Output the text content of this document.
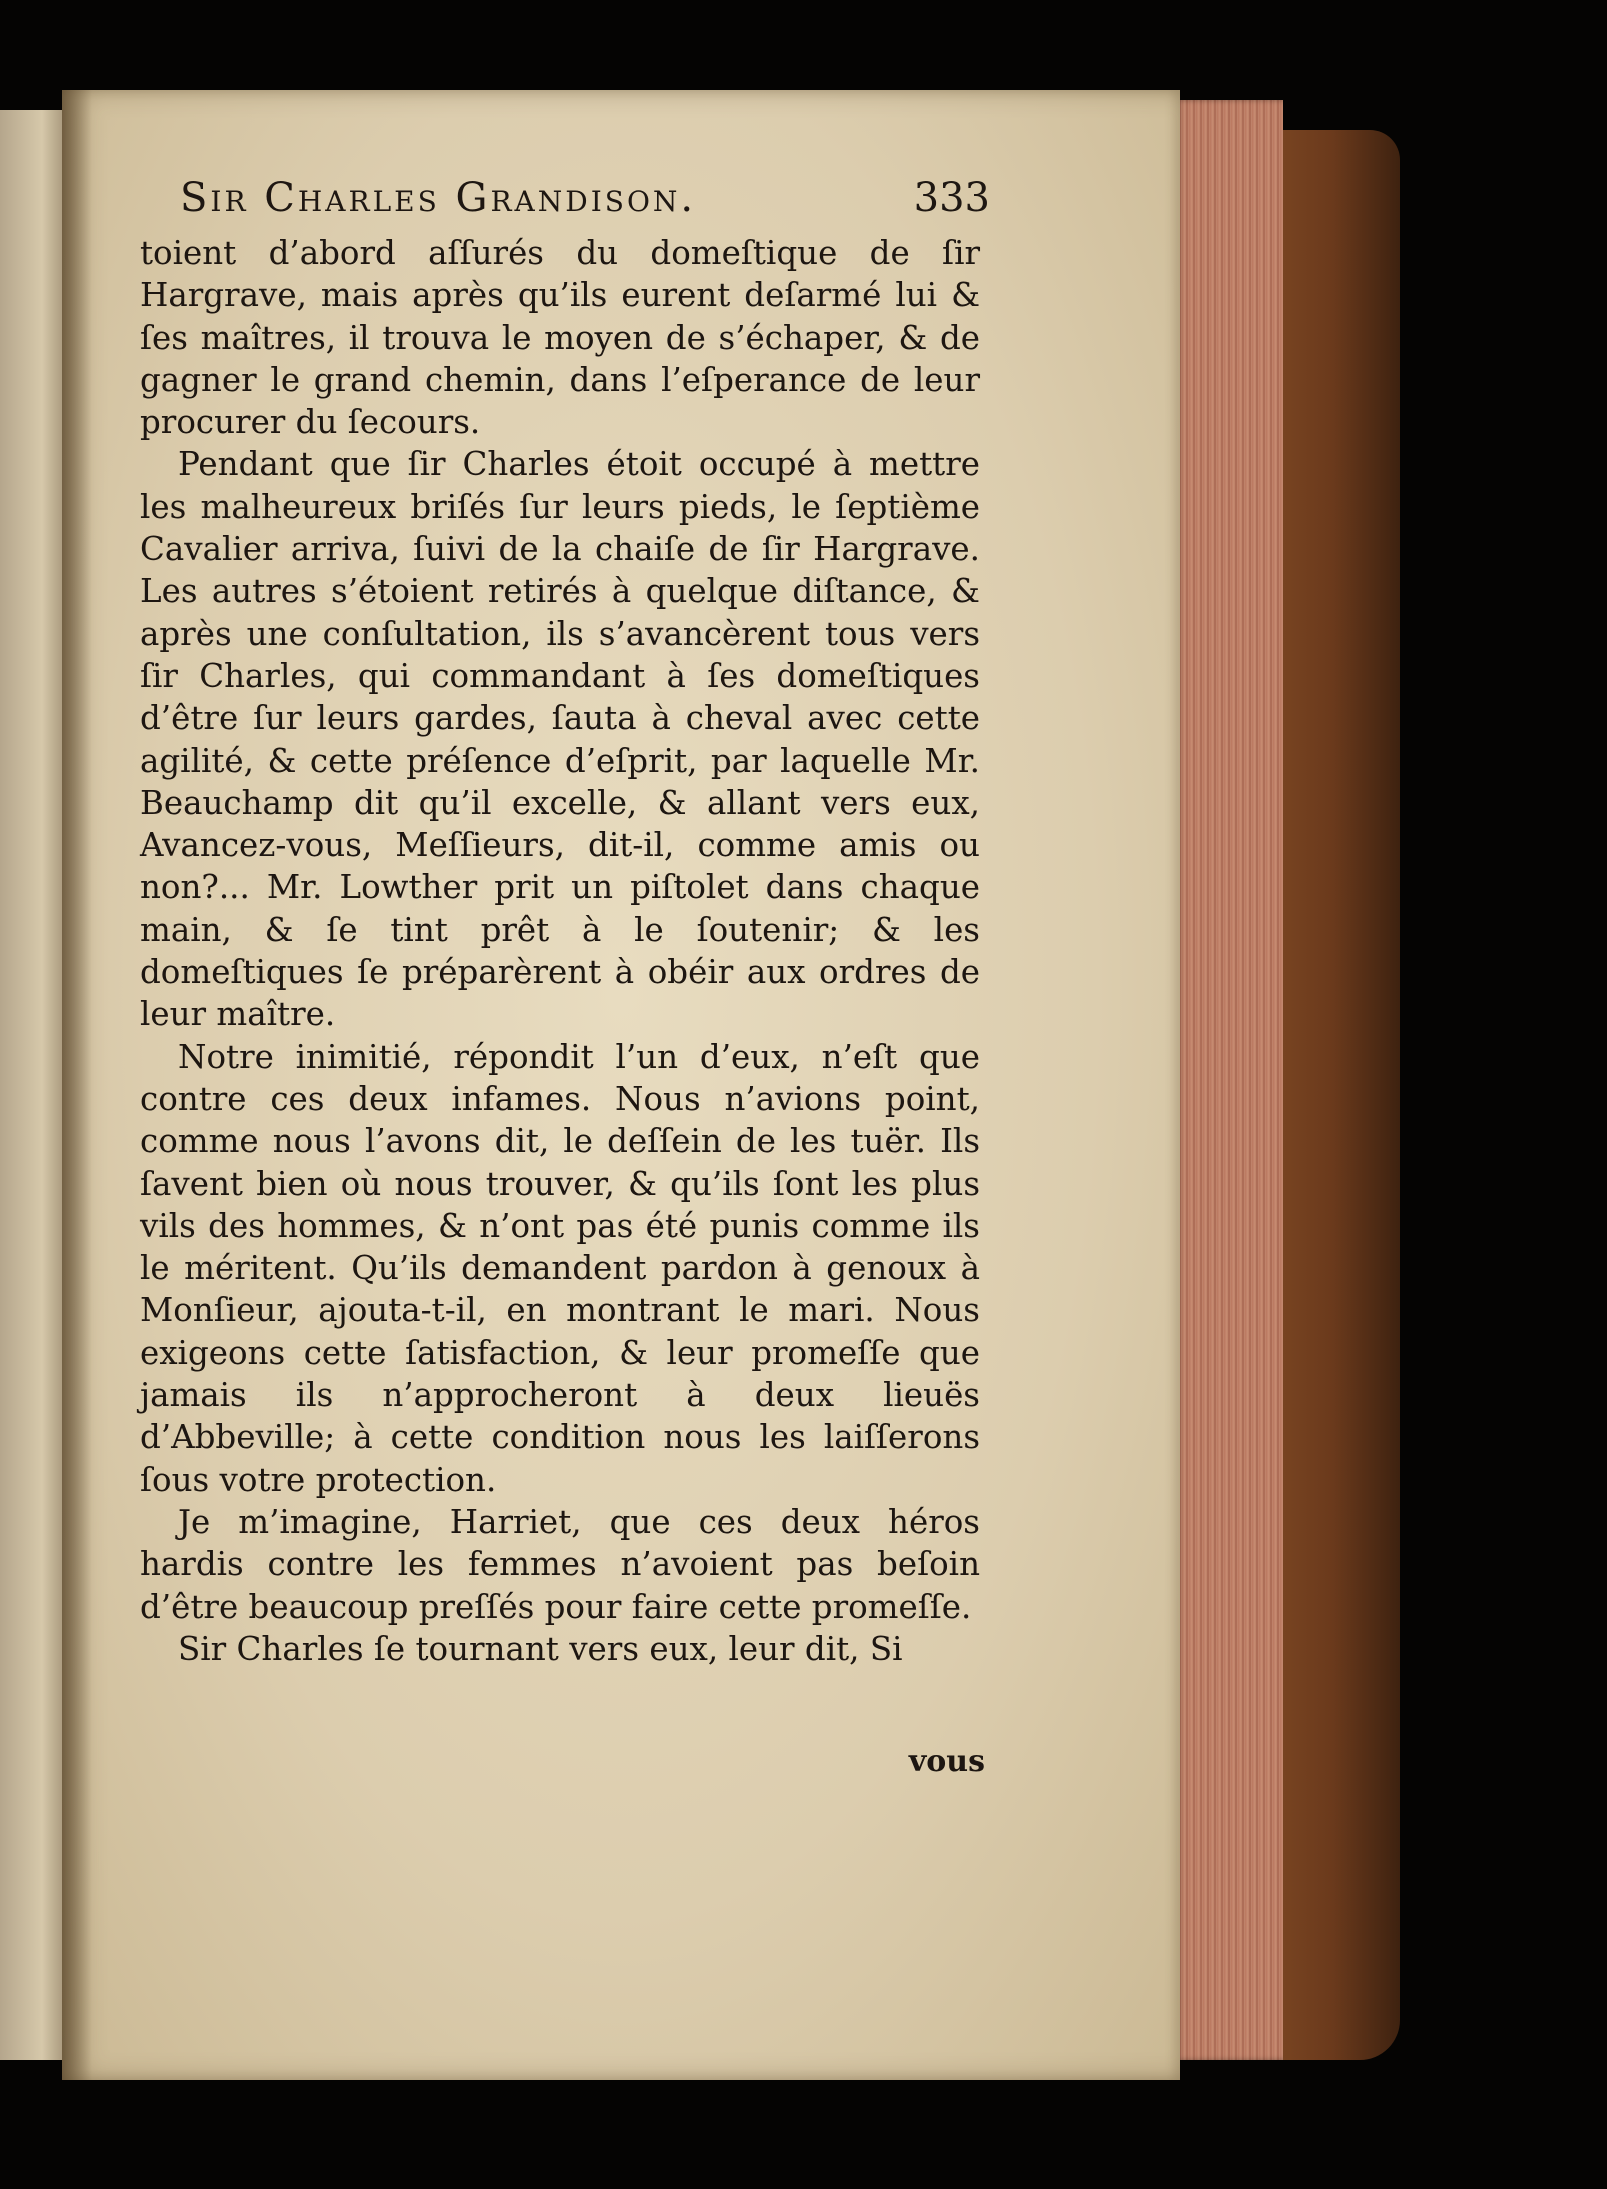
Sir Charles Grandison.	333

toient d’abord aſſurés du domeſtique de ſir Hargrave, mais après qu’ils eurent deſarmé lui & ſes maîtres, il trouva le moyen de s’échaper, & de gagner le grand chemin, dans l’eſperance de leur procurer du ſecours.

Pendant que ſir Charles étoit occupé à mettre les malheureux briſés ſur leurs pieds, le ſeptième Cavalier arriva, ſuivi de la chaiſe de ſir Hargrave. Les autres s’étoient retirés à quelque diſtance, & après une conſultation, ils s’avancèrent tous vers ſir Charles, qui commandant à ſes domeſtiques d’être ſur leurs gardes, ſauta à cheval avec cette agilité, & cette préſence d’eſprit, par laquelle Mr. Beauchamp dit qu’il excelle, & allant vers eux, Avancez-vous, Meſſieurs, dit-il, comme amis ou non?... Mr. Lowther prit un piſtolet dans chaque main, & ſe tint prêt à le ſoutenir; & les domeſtiques ſe préparèrent à obéir aux ordres de leur maître.

Notre inimitié, répondit l’un d’eux, n’eſt que contre ces deux infames. Nous n’avions point, comme nous l’avons dit, le deſſein de les tuër. Ils ſavent bien où nous trouver, & qu’ils ſont les plus vils des hommes, & n’ont pas été punis comme ils le méritent. Qu’ils demandent pardon à genoux à Monſieur, ajouta-t-il, en montrant le mari. Nous exigeons cette ſatisfaction, & leur promeſſe que jamais ils n’approcheront à deux lieuës d’Abbeville; à cette condition nous les laiſſerons ſous votre protection.

Je m’imagine, Harriet, que ces deux héros hardis contre les femmes n’avoient pas beſoin d’être beaucoup preſſés pour faire cette promeſſe.

Sir Charles ſe tournant vers eux, leur dit, Si

vous
